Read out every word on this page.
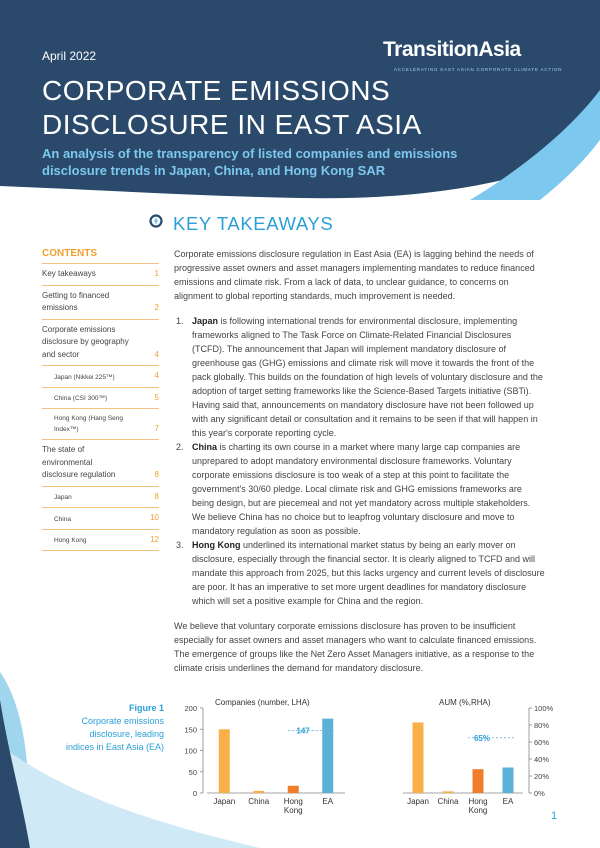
April 2022	TransitionAsia
ACCELERATING EAST ASIAN CORPORATE CLIMATE ACTION
CORPORATE EMISSIONS
DISCLOSURE IN EAST ASIA
An analysis of the transparency of listed companies and emissions disclosure trends in Japan, China, and Hong Kong SAR
KEY TAKEAWAYS
CONTENTS
Key takeaways	1
Getting to financed emissions	2
Corporate emissions disclosure by geography and sector	4
Japan (Nikkei 225™)	4
China (CSI 300™)	5
Hong Kong (Hang Seng Index™)	7
The state of environmental disclosure regulation	8
Japan	8
China	10
Hong Kong	12

Corporate emissions disclosure regulation in East Asia (EA) is lagging behind the needs of progressive asset owners and asset managers implementing mandates to reduce financed emissions and climate risk. From a lack of data, to unclear guidance, to concerns on alignment to global reporting standards, much improvement is needed.

1. Japan is following international trends for environmental disclosure, implementing frameworks aligned to The Task Force on Climate-Related Financial Disclosures (TCFD). The announcement that Japan will implement mandatory disclosure of greenhouse gas (GHG) emissions and climate risk will move it towards the front of the pack globally. This builds on the foundation of high levels of voluntary disclosure and the adoption of target setting frameworks like the Science-Based Targets initiative (SBTi). Having said that, announcements on mandatory disclosure have not been followed up with any significant detail or consultation and it remains to be seen if that will happen in this year's corporate reporting cycle.
2. China is charting its own course in a market where many large cap companies are unprepared to adopt mandatory environmental disclosure frameworks. Voluntary corporate emissions disclosure is too weak of a step at this point to facilitate the government's 30/60 pledge. Local climate risk and GHG emissions frameworks are being design, but are piecemeal and not yet mandatory across multiple stakeholders. We believe China has no choice but to leapfrog voluntary disclosure and move to mandatory regulation as soon as possible.
3. Hong Kong underlined its international market status by being an early mover on disclosure, especially through the financial sector. It is clearly aligned to TCFD and will mandate this approach from 2025, but this lacks urgency and current levels of disclosure are poor. It has an imperative to set more urgent deadlines for mandatory disclosure which will set a positive example for China and the region.

We believe that voluntary corporate emissions disclosure has proven to be insufficient especially for asset owners and asset managers who want to calculate financed emissions. The emergence of groups like the Net Zero Asset Managers initiative, as a response to the climate crisis underlines the demand for mandatory disclosure.

Figure 1
Corporate emissions disclosure, leading indices in East Asia (EA)
Companies (number, LHA)
0
50
100
150
200
Japan China Hong
Kong
EA
147
AUM (%,RHA)
0%
20%
40%
60%
80%
100%
Japan China Hong
Kong
EA
65%
1
